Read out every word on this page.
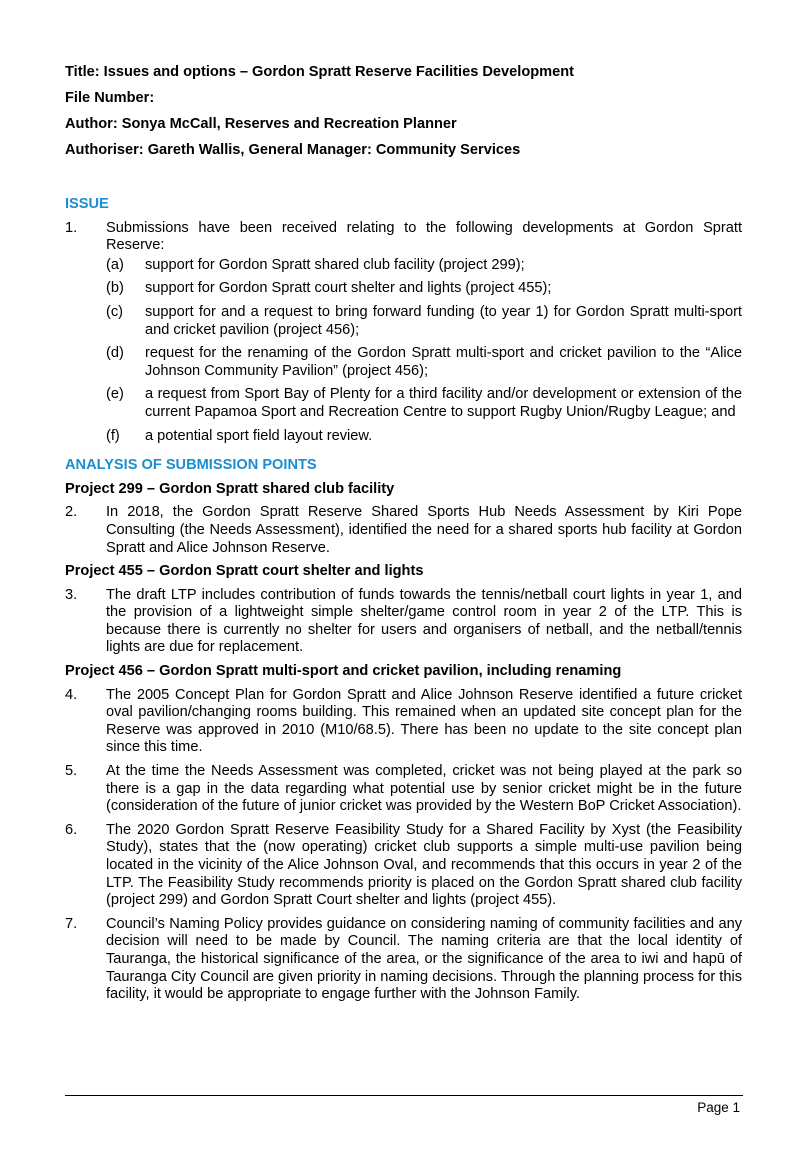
Title: Issues and options – Gordon Spratt Reserve Facilities Development

File Number:

Author: Sonya McCall, Reserves and Recreation Planner

Authoriser: Gareth Wallis, General Manager: Community Services

ISSUE
1.	Submissions have been received relating to the following developments at Gordon Spratt Reserve:
(a)	support for Gordon Spratt shared club facility (project 299);
(b)	support for Gordon Spratt court shelter and lights (project 455);
(c)	support for and a request to bring forward funding (to year 1) for Gordon Spratt multi-sport and cricket pavilion (project 456);
(d)	request for the renaming of the Gordon Spratt multi-sport and cricket pavilion to the “Alice Johnson Community Pavilion” (project 456);
(e)	a request from Sport Bay of Plenty for a third facility and/or development or extension of the current Papamoa Sport and Recreation Centre to support Rugby Union/Rugby League; and
(f)	a potential sport field layout review.
ANALYSIS OF SUBMISSION POINTS
Project 299 – Gordon Spratt shared club facility
2.	In 2018, the Gordon Spratt Reserve Shared Sports Hub Needs Assessment by Kiri Pope Consulting (the Needs Assessment), identified the need for a shared sports hub facility at Gordon Spratt and Alice Johnson Reserve.
Project 455 – Gordon Spratt court shelter and lights
3.	The draft LTP includes contribution of funds towards the tennis/netball court lights in year 1, and the provision of a lightweight simple shelter/game control room in year 2 of the LTP. This is because there is currently no shelter for users and organisers of netball, and the netball/tennis lights are due for replacement.
Project 456 – Gordon Spratt multi-sport and cricket pavilion, including renaming
4.	The 2005 Concept Plan for Gordon Spratt and Alice Johnson Reserve identified a future cricket oval pavilion/changing rooms building. This remained when an updated site concept plan for the Reserve was approved in 2010 (M10/68.5). There has been no update to the site concept plan since this time.
5.	At the time the Needs Assessment was completed, cricket was not being played at the park so there is a gap in the data regarding what potential use by senior cricket might be in the future (consideration of the future of junior cricket was provided by the Western BoP Cricket Association).
6.	The 2020 Gordon Spratt Reserve Feasibility Study for a Shared Facility by Xyst (the Feasibility Study), states that the (now operating) cricket club supports a simple multi-use pavilion being located in the vicinity of the Alice Johnson Oval, and recommends that this occurs in year 2 of the LTP. The Feasibility Study recommends priority is placed on the Gordon Spratt shared club facility (project 299) and Gordon Spratt Court shelter and lights (project 455).
7.	Council’s Naming Policy provides guidance on considering naming of community facilities and any decision will need to be made by Council. The naming criteria are that the local identity of Tauranga, the historical significance of the area, or the significance of the area to iwi and hapū of Tauranga City Council are given priority in naming decisions. Through the planning process for this facility, it would be appropriate to engage further with the Johnson Family.
Page 1
